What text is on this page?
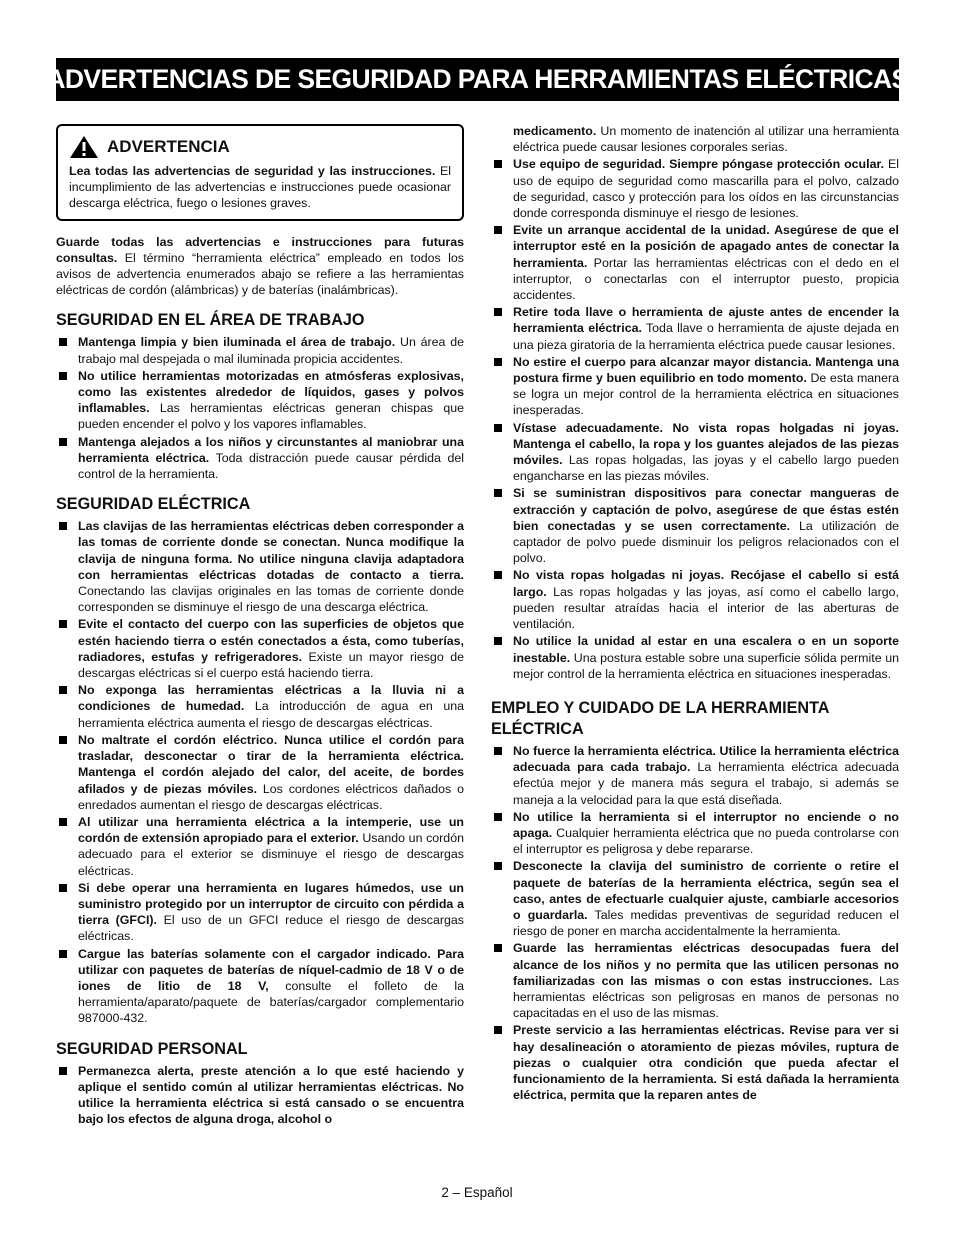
ADVERTENCIAS DE SEGURIDAD PARA HERRAMIENTAS ELÉCTRICAS
ADVERTENCIA

Lea todas las advertencias de seguridad y las instrucciones. El incumplimiento de las advertencias e instrucciones puede ocasionar descarga eléctrica, fuego o lesiones graves.

Guarde todas las advertencias e instrucciones para futuras consultas. El término “herramienta eléctrica” empleado en todos los avisos de advertencia enumerados abajo se refiere a las herramientas eléctricas de cordón (alámbricas) y de baterías (inalámbricas).

SEGURIDAD EN EL ÁREA DE TRABAJO
Mantenga limpia y bien iluminada el área de trabajo. Un área de trabajo mal despejada o mal iluminada propicia accidentes.
No utilice herramientas motorizadas en atmósferas explosivas, como las existentes alrededor de líquidos, gases y polvos inflamables. Las herramientas eléctricas generan chispas que pueden encender el polvo y los vapores inflamables.
Mantenga alejados a los niños y circunstantes al maniobrar una herramienta eléctrica. Toda distracción puede causar pérdida del control de la herramienta.
SEGURIDAD ELÉCTRICA
Las clavijas de las herramientas eléctricas deben corresponder a las tomas de corriente donde se conectan. Nunca modifique la clavija de ninguna forma. No utilice ninguna clavija adaptadora con herramientas eléctricas dotadas de contacto a tierra. Conectando las clavijas originales en las tomas de corriente donde corresponden se disminuye el riesgo de una descarga eléctrica.
Evite el contacto del cuerpo con las superficies de objetos que estén haciendo tierra o estén conectados a ésta, como tuberías, radiadores, estufas y refrigeradores. Existe un mayor riesgo de descargas eléctricas si el cuerpo está haciendo tierra.
No exponga las herramientas eléctricas a la lluvia ni a condiciones de humedad. La introducción de agua en una herramienta eléctrica aumenta el riesgo de descargas eléctricas.
No maltrate el cordón eléctrico. Nunca utilice el cordón para trasladar, desconectar o tirar de la herramienta eléctrica. Mantenga el cordón alejado del calor, del aceite, de bordes afilados y de piezas móviles. Los cordones eléctricos dañados o enredados aumentan el riesgo de descargas eléctricas.
Al utilizar una herramienta eléctrica a la intemperie, use un cordón de extensión apropiado para el exterior. Usando un cordón adecuado para el exterior se disminuye el riesgo de descargas eléctricas.
Si debe operar una herramienta en lugares húmedos, use un suministro protegido por un interruptor de circuito con pérdida a tierra (GFCI). El uso de un GFCI reduce el riesgo de descargas eléctricas.
Cargue las baterías solamente con el cargador indicado. Para utilizar con paquetes de baterías de níquel-cadmio de 18 V o de iones de litio de 18 V, consulte el folleto de la herramienta/aparato/paquete de baterías/cargador complementario 987000-432.
SEGURIDAD PERSONAL
Permanezca alerta, preste atención a lo que esté haciendo y aplique el sentido común al utilizar herramientas eléctricas. No utilice la herramienta eléctrica si está cansado o se encuentra bajo los efectos de alguna droga, alcohol o
medicamento. Un momento de inatención al utilizar una herramienta eléctrica puede causar lesiones corporales serias.
Use equipo de seguridad. Siempre póngase protección ocular. El uso de equipo de seguridad como mascarilla para el polvo, calzado de seguridad, casco y protección para los oídos en las circunstancias donde corresponda disminuye el riesgo de lesiones.
Evite un arranque accidental de la unidad. Asegúrese de que el interruptor esté en la posición de apagado antes de conectar la herramienta. Portar las herramientas eléctricas con el dedo en el interruptor, o conectarlas con el interruptor puesto, propicia accidentes.
Retire toda llave o herramienta de ajuste antes de encender la herramienta eléctrica. Toda llave o herramienta de ajuste dejada en una pieza giratoria de la herramienta eléctrica puede causar lesiones.
No estire el cuerpo para alcanzar mayor distancia. Mantenga una postura firme y buen equilibrio en todo momento. De esta manera se logra un mejor control de la herramienta eléctrica en situaciones inesperadas.
Vístase adecuadamente. No vista ropas holgadas ni joyas. Mantenga el cabello, la ropa y los guantes alejados de las piezas móviles. Las ropas holgadas, las joyas y el cabello largo pueden engancharse en las piezas móviles.
Si se suministran dispositivos para conectar mangueras de extracción y captación de polvo, asegúrese de que éstas estén bien conectadas y se usen correctamente. La utilización de captador de polvo puede disminuir los peligros relacionados con el polvo.
No vista ropas holgadas ni joyas. Recójase el cabello si está largo. Las ropas holgadas y las joyas, así como el cabello largo, pueden resultar atraídas hacia el interior de las aberturas de ventilación.
No utilice la unidad al estar en una escalera o en un soporte inestable. Una postura estable sobre una superficie sólida permite un mejor control de la herramienta eléctrica en situaciones inesperadas.
EMPLEO Y CUIDADO DE LA HERRAMIENTA ELÉCTRICA
No fuerce la herramienta eléctrica. Utilice la herramienta eléctrica adecuada para cada trabajo. La herramienta eléctrica adecuada efectúa mejor y de manera más segura el trabajo, si además se maneja a la velocidad para la que está diseñada.
No utilice la herramienta si el interruptor no enciende o no apaga. Cualquier herramienta eléctrica que no pueda controlarse con el interruptor es peligrosa y debe repararse.
Desconecte la clavija del suministro de corriente o retire el paquete de baterías de la herramienta eléctrica, según sea el caso, antes de efectuarle cualquier ajuste, cambiarle accesorios o guardarla. Tales medidas preventivas de seguridad reducen el riesgo de poner en marcha accidentalmente la herramienta.
Guarde las herramientas eléctricas desocupadas fuera del alcance de los niños y no permita que las utilicen personas no familiarizadas con las mismas o con estas instrucciones. Las herramientas eléctricas son peligrosas en manos de personas no capacitadas en el uso de las mismas.
Preste servicio a las herramientas eléctricas. Revise para ver si hay desalineación o atoramiento de piezas móviles, ruptura de piezas o cualquier otra condición que pueda afectar el funcionamiento de la herramienta. Si está dañada la herramienta eléctrica, permita que la reparen antes de
2 – Español
